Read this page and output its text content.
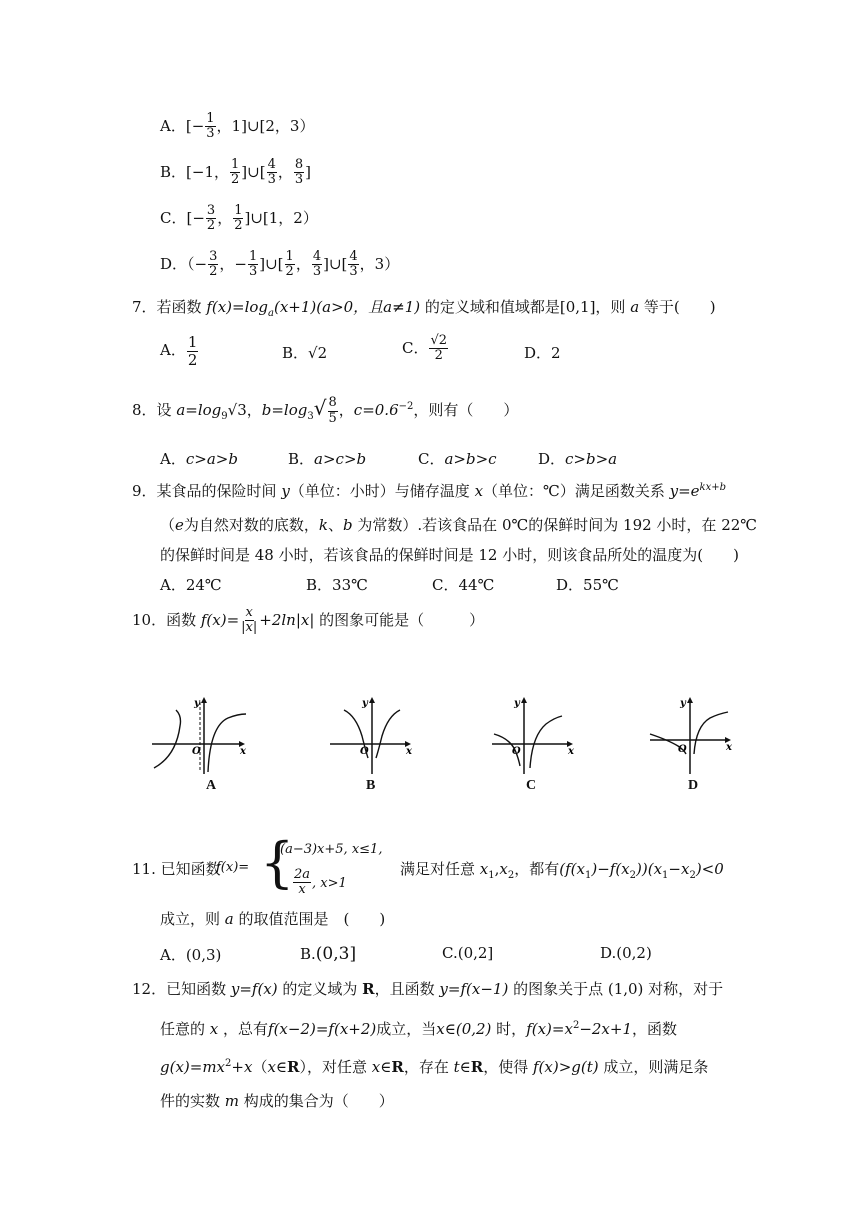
A．[− $\frac{1}{3}$ ，1]∪[2，3）
B．[−1， $\frac{1}{2}$ ]∪[ $\frac{4}{3}$ ， $\frac{8}{3}$ ]
C．[− $\frac{3}{2}$ ， $\frac{1}{2}$ ]∪[1，2）
D．（− $\frac{3}{2}$ ，− $\frac{1}{3}$ ]∪[ $\frac{1}{2}$ ， $\frac{4}{3}$ ]∪[ $\frac{4}{3}$ ，3）
7．若函数 $f(x)=\log_a(x+1)(a>0$，且a≠1) 的定义域和值域都是[0,1]，则 a 等于(　　)
A． $\frac{1}{2}$	B．√2	C． $\frac{√2}{2}$	D．2
8．设 $a=\log_9√3$，$b=\log_3√ \frac{8}{5}$ ，$c=0.6^{-2}$，则有（　　）
A．c>a>b	B．a>c>b	C．a>b>c	D．c>b>a
9．某食品的保险时间 y（单位：小时）与储存温度 x（单位：℃）满足函数关系 $y=e^{kx+b}$
（e为自然对数的底数，k、b 为常数）.若该食品在 0℃的保鲜时间为 192 小时，在 22℃
的保鲜时间是 48 小时，若该食品的保鲜时间是 12 小时，则该食品所处的温度为(　　)
A．24℃	B．33℃	C．44℃	D．55℃
10．函数 $f(x)= \frac{x}{|x|} +2\ln|x|$ 的图象可能是（　　　）
y
O	x
A
y
O	x
B
y
O	x
C
y
O	x
D
11. 已知函数
f(x)= {
(a−3)x+5, x≤1,
$\frac{2a}{x}$ , x>1
满足对任意 $x_1,x_2$，都有$(f(x_1)-f(x_2))(x_1-x_2)<0$
成立，则 a 的取值范围是　(　　)
A．(0,3)	B.(0,3]	C.(0,2]	D.(0,2)
12．已知函数 y=f(x) 的定义域为 R，且函数 y=f(x−1) 的图象关于点 (1,0) 对称，对于
任意的 x ，总有f(x−2)=f(x+2)成立，当x∈(0,2) 时，$f(x)=x^2-2x+1$，函数
$g(x)=mx^2+x(x\in R)$，对任意 x∈R，存在 t∈R，使得 f(x)>g(t) 成立，则满足条
件的实数 m 构成的集合为（　　）
